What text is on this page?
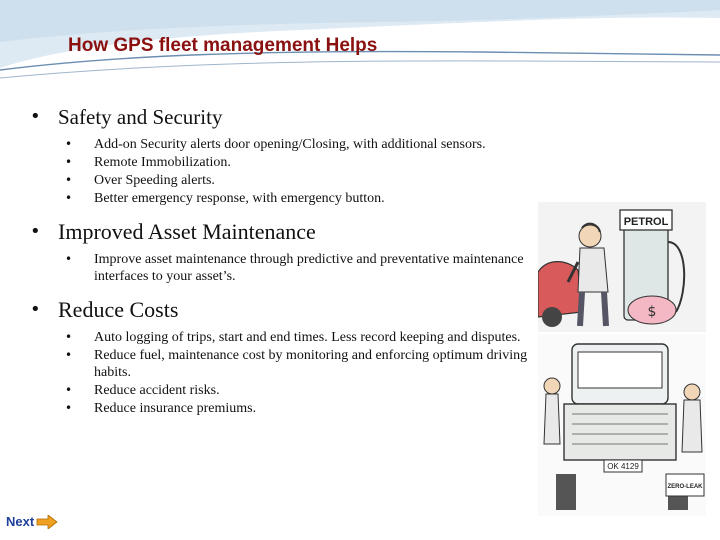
How GPS fleet management Helps
• Safety and Security
• Add-on Security alerts door opening/Closing, with additional sensors.
• Remote Immobilization.
• Over Speeding alerts.
• Better emergency response, with emergency button.
• Improved Asset Maintenance
• Improve asset maintenance through predictive and preventative maintenance interfaces to your asset’s.
• Reduce Costs
• Auto logging of trips, start and end times. Less record keeping and disputes.
• Reduce fuel, maintenance cost by monitoring and enforcing optimum driving habits.
• Reduce accident risks.
• Reduce insurance premiums.
PETROL
$
OK 4129
ZERO-LEAK
Next
